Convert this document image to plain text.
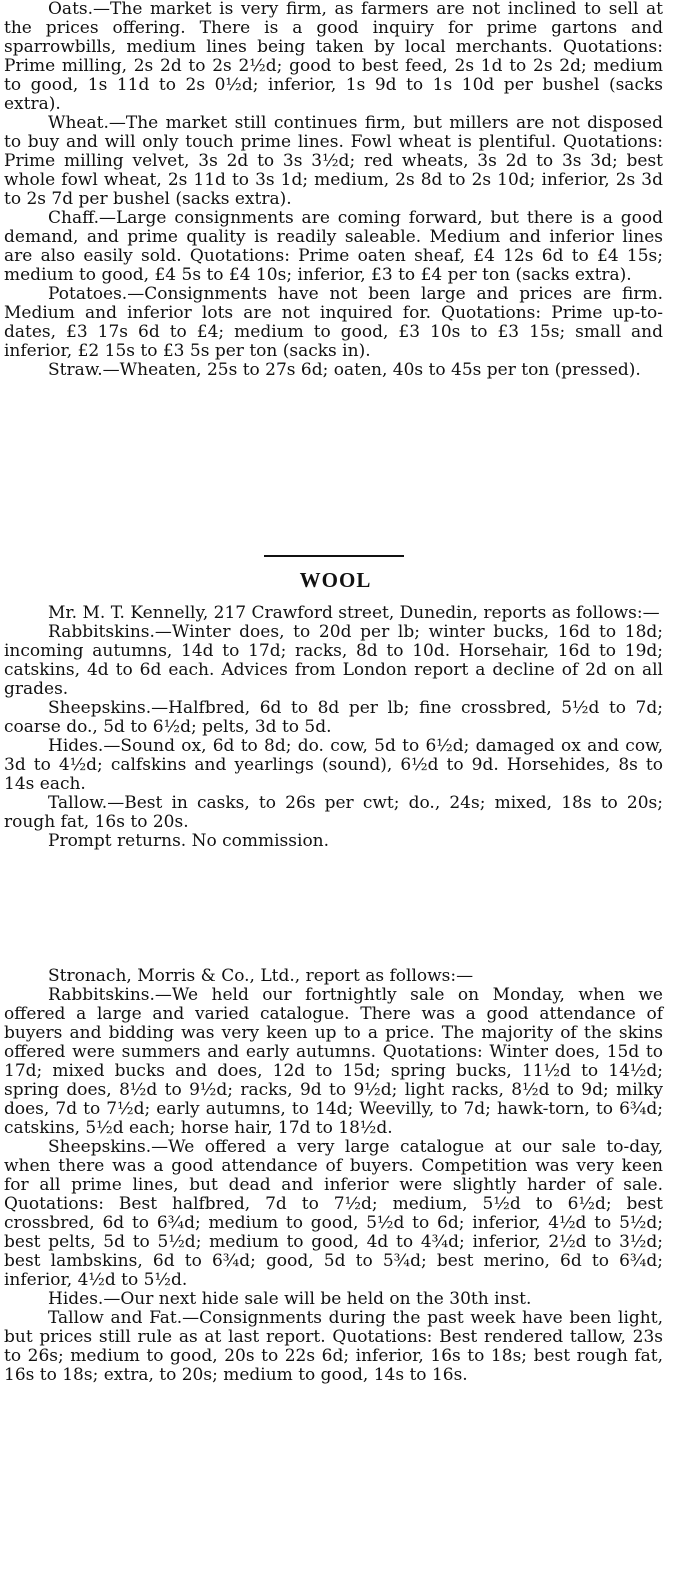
Oats.—The market is very firm, as farmers are not inclined to sell at the prices offering. There is a good inquiry for prime gartons and sparrowbills, medium lines being taken by local merchants. Quotations: Prime milling, 2s 2d to 2s 2½d; good to best feed, 2s 1d to 2s 2d; medium to good, 1s 11d to 2s 0½d; inferior, 1s 9d to 1s 10d per bushel (sacks extra).

Wheat.—The market still continues firm, but millers are not disposed to buy and will only touch prime lines. Fowl wheat is plentiful. Quotations: Prime milling velvet, 3s 2d to 3s 3½d; red wheats, 3s 2d to 3s 3d; best whole fowl wheat, 2s 11d to 3s 1d; medium, 2s 8d to 2s 10d; inferior, 2s 3d to 2s 7d per bushel (sacks extra).

Chaff.—Large consignments are coming forward, but there is a good demand, and prime quality is readily saleable. Medium and inferior lines are also easily sold. Quotations: Prime oaten sheaf, £4 12s 6d to £4 15s; medium to good, £4 5s to £4 10s; inferior, £3 to £4 per ton (sacks extra).

Potatoes.—Consignments have not been large and prices are firm. Medium and inferior lots are not inquired for. Quotations: Prime up-to-dates, £3 17s 6d to £4; medium to good, £3 10s to £3 15s; small and inferior, £2 15s to £3 5s per ton (sacks in).

Straw.—Wheaten, 25s to 27s 6d; oaten, 40s to 45s per ton (pressed).

WOOL

Mr. M. T. Kennelly, 217 Crawford street, Dunedin, reports as follows:—

Rabbitskins.—Winter does, to 20d per lb; winter bucks, 16d to 18d; incoming autumns, 14d to 17d; racks, 8d to 10d. Horsehair, 16d to 19d; catskins, 4d to 6d each. Advices from London report a decline of 2d on all grades.

Sheepskins.—Halfbred, 6d to 8d per lb; fine crossbred, 5½d to 7d; coarse do., 5d to 6½d; pelts, 3d to 5d.

Hides.—Sound ox, 6d to 8d; do. cow, 5d to 6½d; damaged ox and cow, 3d to 4½d; calfskins and yearlings (sound), 6½d to 9d. Horsehides, 8s to 14s each.

Tallow.—Best in casks, to 26s per cwt; do., 24s; mixed, 18s to 20s; rough fat, 16s to 20s.

Prompt returns. No commission.

Stronach, Morris & Co., Ltd., report as follows:—

Rabbitskins.—We held our fortnightly sale on Monday, when we offered a large and varied catalogue. There was a good attendance of buyers and bidding was very keen up to a price. The majority of the skins offered were summers and early autumns. Quotations: Winter does, 15d to 17d; mixed bucks and does, 12d to 15d; spring bucks, 11½d to 14½d; spring does, 8½d to 9½d; racks, 9d to 9½d; light racks, 8½d to 9d; milky does, 7d to 7½d; early autumns, to 14d; Weevilly, to 7d; hawk-torn, to 6¾d; catskins, 5½d each; horse hair, 17d to 18½d.

Sheepskins.—We offered a very large catalogue at our sale to-day, when there was a good attendance of buyers. Competition was very keen for all prime lines, but dead and inferior were slightly harder of sale. Quotations: Best halfbred, 7d to 7½d; medium, 5½d to 6½d; best crossbred, 6d to 6¾d; medium to good, 5½d to 6d; inferior, 4½d to 5½d; best pelts, 5d to 5½d; medium to good, 4d to 4¾d; inferior, 2½d to 3½d; best lambskins, 6d to 6¾d; good, 5d to 5¾d; best merino, 6d to 6¾d; inferior, 4½d to 5½d.

Hides.—Our next hide sale will be held on the 30th inst.

Tallow and Fat.—Consignments during the past week have been light, but prices still rule as at last report. Quotations: Best rendered tallow, 23s to 26s; medium to good, 20s to 22s 6d; inferior, 16s to 18s; best rough fat, 16s to 18s; extra, to 20s; medium to good, 14s to 16s.
